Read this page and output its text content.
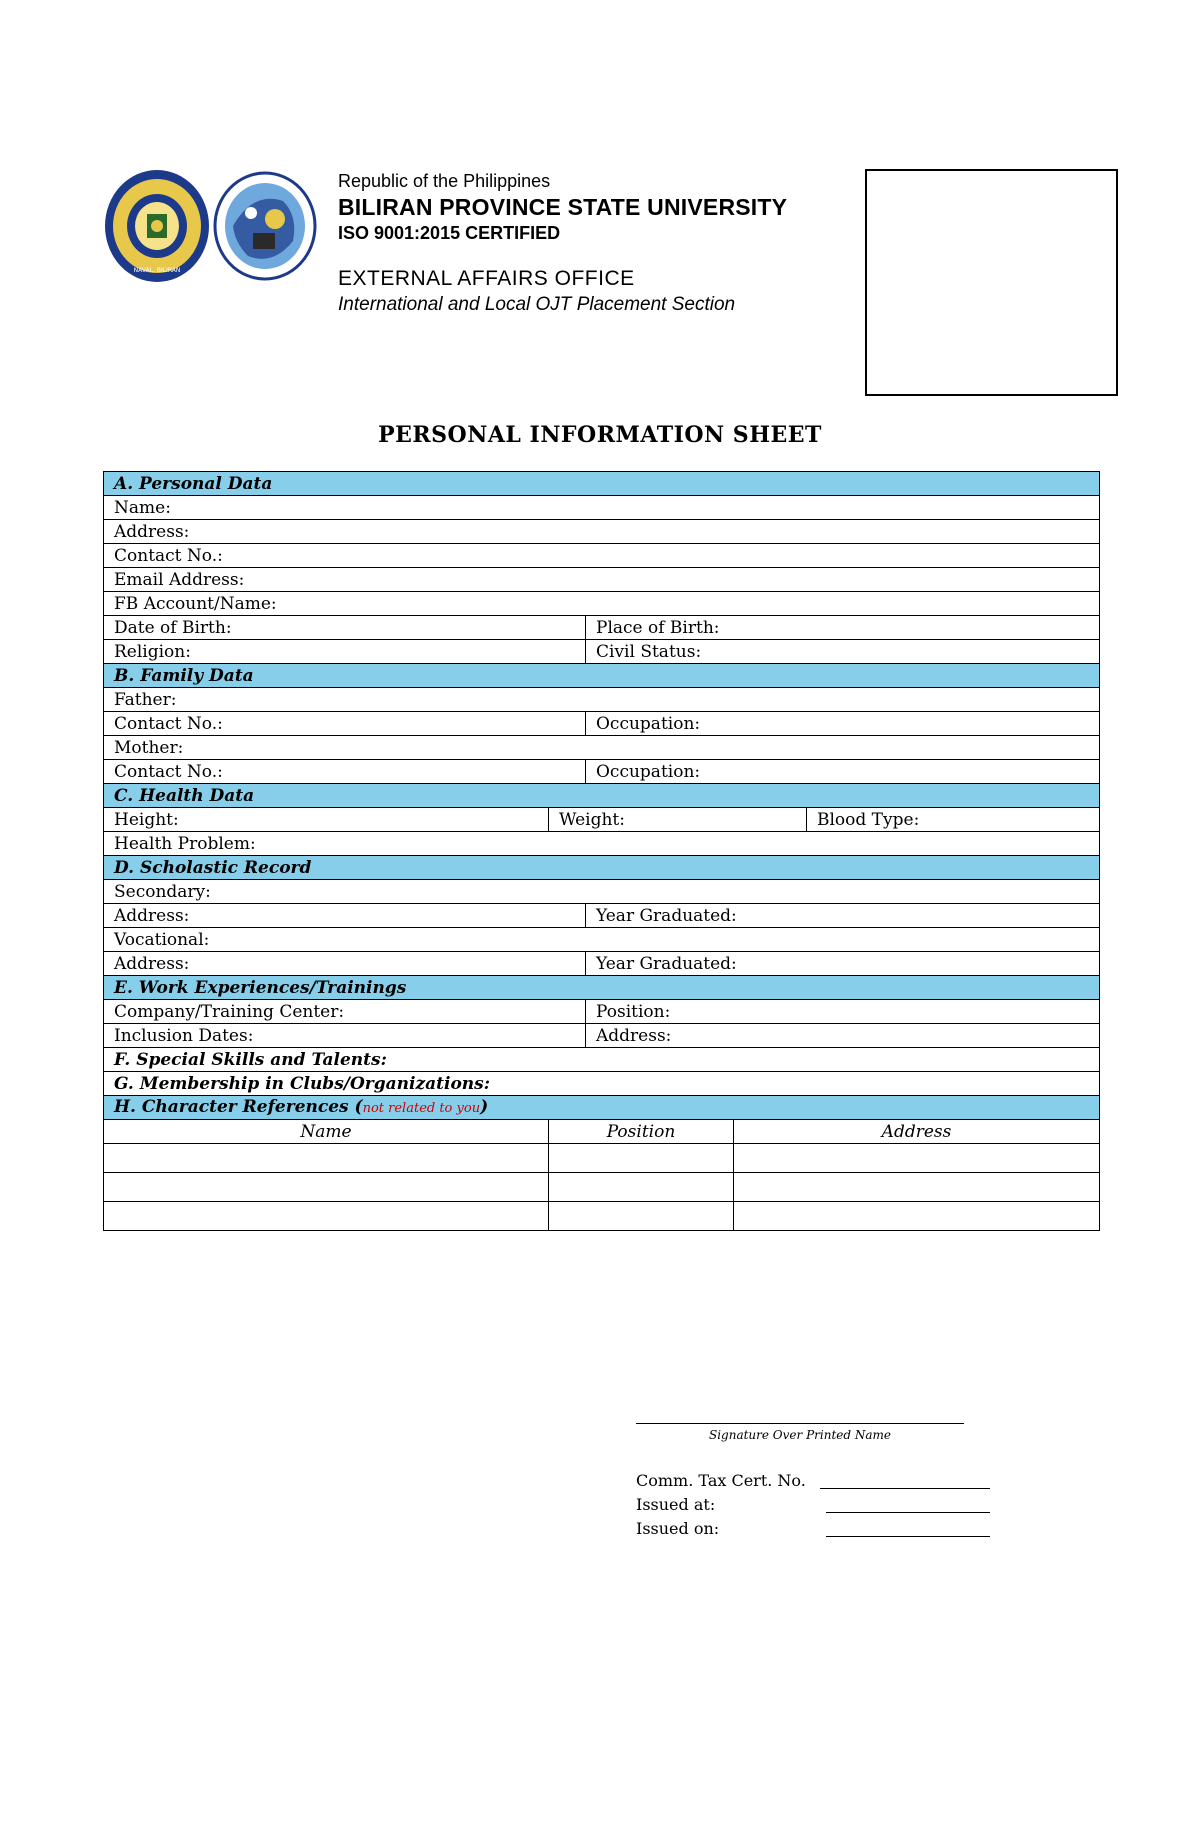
NAVAL, BILIRAN
Republic of the Philippines
BILIRAN PROVINCE STATE UNIVERSITY
ISO 9001:2015 CERTIFIED
EXTERNAL AFFAIRS OFFICE
International and Local OJT Placement Section
PERSONAL INFORMATION SHEET
A. Personal Data				
Name:				
Address:				
Contact No.:				
Email Address:				
FB Account/Name:				
Date of Birth:		Place of Birth:		
Religion:		Civil Status:		
B. Family Data				
Father:				
Contact No.:		Occupation:		
Mother:				
Contact No.:		Occupation:		
C. Health Data				
Height:	Weight:			Blood Type:
Health Problem:				
D. Scholastic Record				
Secondary:				
Address:		Year Graduated:		
Vocational:				
Address:		Year Graduated:		
E. Work Experiences/Trainings				
Company/Training Center:		Position:		
Inclusion Dates:		Address:		
F. Special Skills and Talents:				
G. Membership in Clubs/Organizations:				
H. Character References (not related to you)				
Name	Position		Address	

Signature Over Printed Name
Comm. Tax Cert. No.
Issued at:
Issued on:
